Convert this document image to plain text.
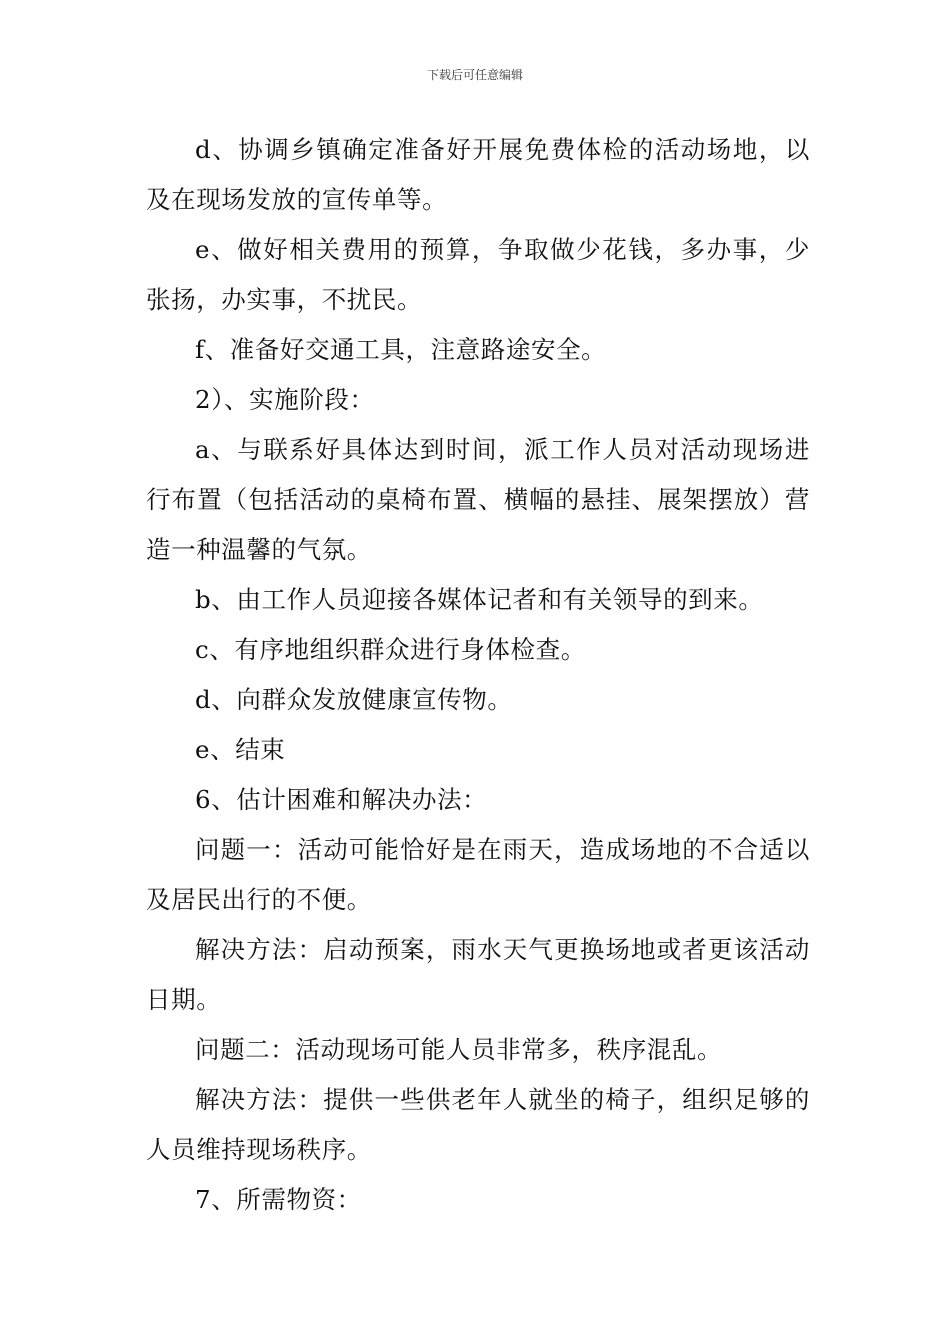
下载后可任意编辑

d、协调乡镇确定准备好开展免费体检的活动场地，以及在现场发放的宣传单等。

e、做好相关费用的预算，争取做少花钱，多办事，少张扬，办实事，不扰民。

f、准备好交通工具，注意路途安全。

2）、实施阶段：

a、与联系好具体达到时间，派工作人员对活动现场进行布置（包括活动的桌椅布置、横幅的悬挂、展架摆放）营造一种温馨的气氛。

b、由工作人员迎接各媒体记者和有关领导的到来。

c、有序地组织群众进行身体检查。

d、向群众发放健康宣传物。

e、结束

6、估计困难和解决办法：

问题一：活动可能恰好是在雨天，造成场地的不合适以及居民出行的不便。

解决方法：启动预案，雨水天气更换场地或者更该活动日期。

问题二：活动现场可能人员非常多，秩序混乱。

解决方法：提供一些供老年人就坐的椅子，组织足够的人员维持现场秩序。

7、所需物资：
